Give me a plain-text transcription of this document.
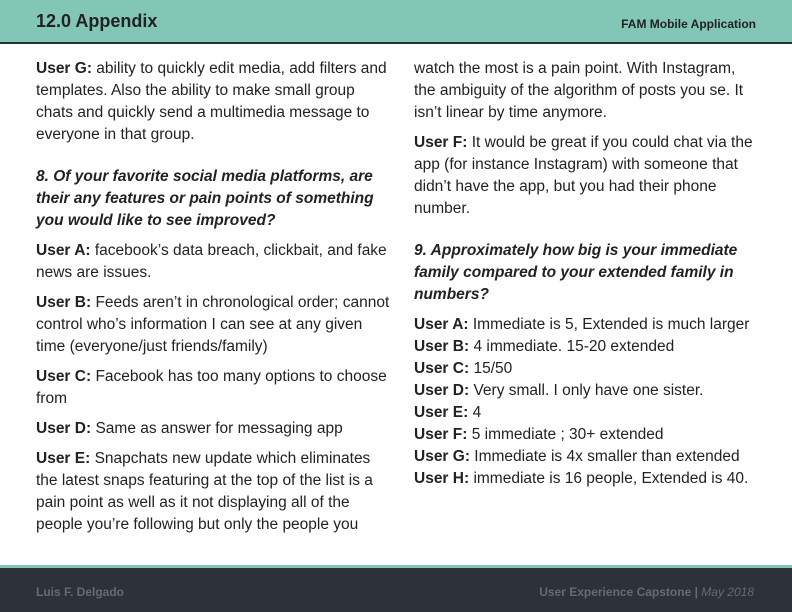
12.0 Appendix	FAM Mobile Application

User G: ability to quickly edit media, add filters and templates. Also the ability to make small group chats and quickly send a multimedia message to everyone in that group.

8. Of your favorite social media platforms, are their any features or pain points of something you would like to see improved?

User A: facebook’s data breach, clickbait, and fake news are issues.

User B: Feeds aren’t in chronological order; cannot control who’s information I can see at any given time (everyone/just friends/family)

User C: Facebook has too many options to choose from

User D: Same as answer for messaging app

User E: Snapchats new update which eliminates the latest snaps featuring at the top of the list is a pain point as well as it not displaying all of the people you’re following but only the people you

watch the most is a pain point. With Instagram, the ambiguity of the algorithm of posts you se. It isn’t linear by time anymore.

User F: It would be great if you could chat via the app (for instance Instagram) with someone that didn’t have the app, but you had their phone number.

9. Approximately how big is your immediate family compared to your extended family in numbers?

User A: Immediate is 5, Extended is much larger

User B: 4 immediate. 15-20 extended

User C: 15/50

User D: Very small. I only have one sister.

User E: 4

User F: 5 immediate ; 30+ extended

User G: Immediate is 4x smaller than extended

User H: immediate is 16 people, Extended is 40.

Luis F. Delgado	User Experience Capstone | May 2018
